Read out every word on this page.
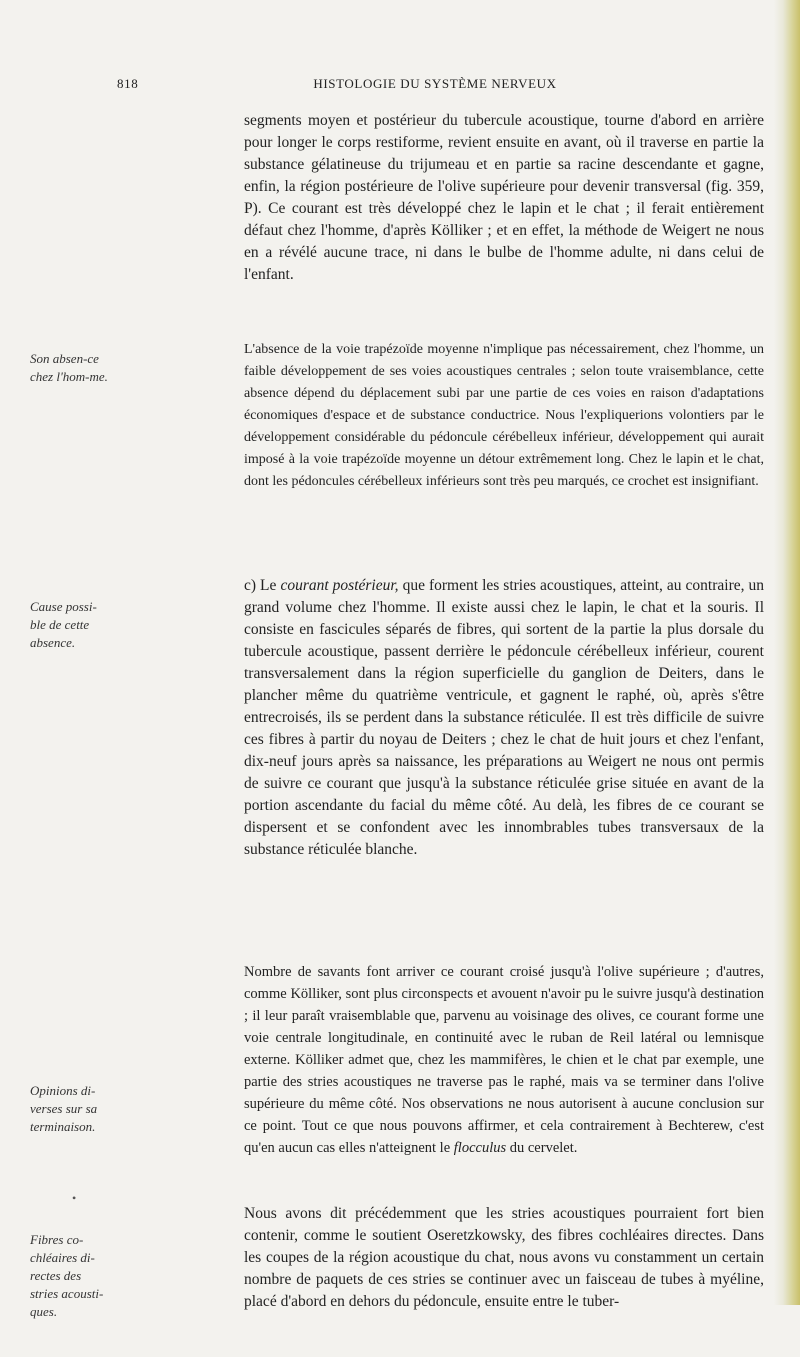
818	HISTOLOGIE DU SYSTÈME NERVEUX
Son absen-ce chez l'hom-me.
Cause possi-ble de cette absence.
Opinions di-verses sur sa terminaison.
•
Fibres co-chléaires di-rectes des stries acousti-ques.

segments moyen et postérieur du tubercule acoustique, tourne d'abord en arrière pour longer le corps restiforme, revient ensuite en avant, où il traverse en partie la substance gélatineuse du trijumeau et en partie sa racine descendante et gagne, enfin, la région postérieure de l'olive supérieure pour devenir transversal (fig. 359, P). Ce courant est très développé chez le lapin et le chat ; il ferait entièrement défaut chez l'homme, d'après Kölliker ; et en effet, la méthode de Weigert ne nous en a révélé aucune trace, ni dans le bulbe de l'homme adulte, ni dans celui de l'enfant.

L'absence de la voie trapézoïde moyenne n'implique pas nécessairement, chez l'homme, un faible développement de ses voies acoustiques centrales ; selon toute vraisemblance, cette absence dépend du déplacement subi par une partie de ces voies en raison d'adaptations économiques d'espace et de substance conductrice. Nous l'expliquerions volontiers par le développement considérable du pédoncule cérébelleux inférieur, développement qui aurait imposé à la voie trapézoïde moyenne un détour extrêmement long. Chez le lapin et le chat, dont les pédoncules cérébelleux inférieurs sont très peu marqués, ce crochet est insignifiant.

c) Le courant postérieur, que forment les stries acoustiques, atteint, au contraire, un grand volume chez l'homme. Il existe aussi chez le lapin, le chat et la souris. Il consiste en fascicules séparés de fibres, qui sortent de la partie la plus dorsale du tubercule acoustique, passent derrière le pédoncule cérébelleux inférieur, courent transversalement dans la région superficielle du ganglion de Deiters, dans le plancher même du quatrième ventricule, et gagnent le raphé, où, après s'être entrecroisés, ils se perdent dans la substance réticulée. Il est très difficile de suivre ces fibres à partir du noyau de Deiters ; chez le chat de huit jours et chez l'enfant, dix-neuf jours après sa naissance, les préparations au Weigert ne nous ont permis de suivre ce courant que jusqu'à la substance réticulée grise située en avant de la portion ascendante du facial du même côté. Au delà, les fibres de ce courant se dispersent et se confondent avec les innombrables tubes transversaux de la substance réticulée blanche.

Nombre de savants font arriver ce courant croisé jusqu'à l'olive supérieure ; d'autres, comme Kölliker, sont plus circonspects et avouent n'avoir pu le suivre jusqu'à destination ; il leur paraît vraisemblable que, parvenu au voisinage des olives, ce courant forme une voie centrale longitudinale, en continuité avec le ruban de Reil latéral ou lemnisque externe. Kölliker admet que, chez les mammifères, le chien et le chat par exemple, une partie des stries acoustiques ne traverse pas le raphé, mais va se terminer dans l'olive supérieure du même côté. Nos observations ne nous autorisent à aucune conclusion sur ce point. Tout ce que nous pouvons affirmer, et cela contrairement à Bechterew, c'est qu'en aucun cas elles n'atteignent le flocculus du cervelet.

Nous avons dit précédemment que les stries acoustiques pourraient fort bien contenir, comme le soutient Oseretzkowsky, des fibres cochléaires directes. Dans les coupes de la région acoustique du chat, nous avons vu constamment un certain nombre de paquets de ces stries se continuer avec un faisceau de tubes à myéline, placé d'abord en dehors du pédoncule, ensuite entre le tuber-
